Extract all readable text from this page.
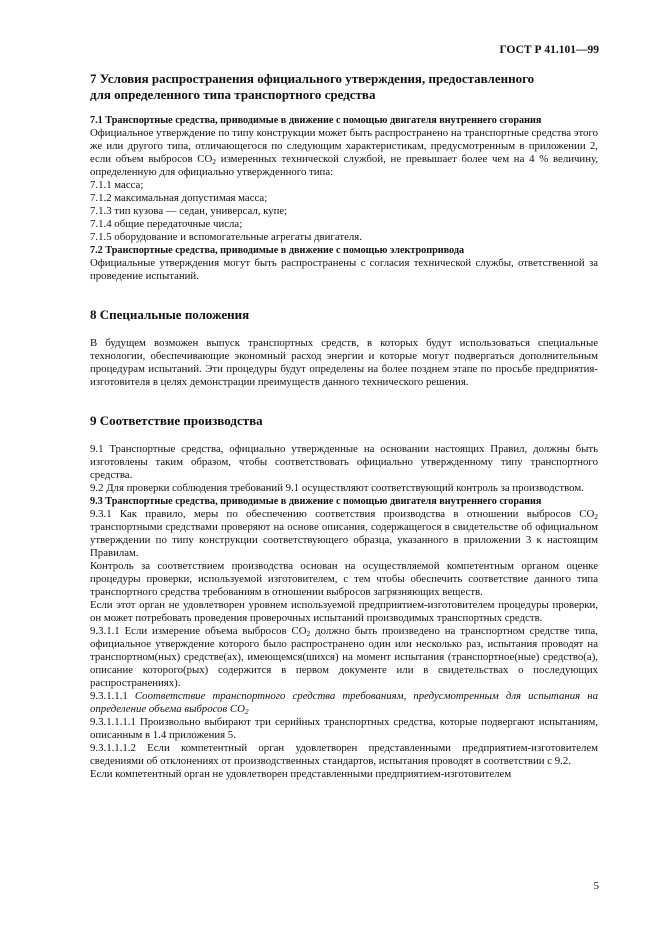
ГОСТ Р 41.101—99
7 Условия распространения официального утверждения, предоставленного
для определенного типа транспортного средства

7.1 Транспортные средства, приводимые в движение с помощью двигателя внутреннего сгорания

Официальное утверждение по типу конструкции может быть распространено на транспортные средства этого же или другого типа, отличающегося по следующим характеристикам, предусмотренным в приложении 2, если объем выбросов $CO_2$ измеренных технической службой, не превышает более чем на 4 % величину, определенную для официально утвержденного типа:

7.1.1 масса;
7.1.2 максимальная допустимая масса;
7.1.3 тип кузова — седан, универсал, купе;
7.1.4 общие передаточные числа;
7.1.5 оборудование и вспомогательные агрегаты двигателя.

7.2 Транспортные средства, приводимые в движение с помощью электропривода

Официальные утверждения могут быть распространены с согласия технической службы, ответственной за проведение испытаний.

8 Специальные положения

В будущем возможен выпуск транспортных средств, в которых будут использоваться специальные технологии, обеспечивающие экономный расход энергии и которые могут подвергаться дополнительным процедурам испытаний. Эти процедуры будут определены на более позднем этапе по просьбе предприятия-изготовителя в целях демонстрации преимуществ данного технического решения.

9 Соответствие производства

9.1 Транспортные средства, официально утвержденные на основании настоящих Правил, должны быть изготовлены таким образом, чтобы соответствовать официально утвержденному типу транспортного средства.

9.2 Для проверки соблюдения требований 9.1 осуществляют соответствующий контроль за производством.

9.3 Транспортные средства, приводимые в движение с помощью двигателя внутреннего сгорания

9.3.1 Как правило, меры по обеспечению соответствия производства в отношении выбросов $CO_2$ транспортными средствами проверяют на основе описания, содержащегося в свидетельстве об официальном утверждении по типу конструкции соответствующего образца, указанного в приложении 3 к настоящим Правилам.

Контроль за соответствием производства основан на осуществляемой компетентным органом оценке процедуры проверки, используемой изготовителем, с тем чтобы обеспечить соответствие данного типа транспортного средства требованиям в отношении выбросов загрязняющих веществ.

Если этот орган не удовлетворен уровнем используемой предприятием-изготовителем процедуры проверки, он может потребовать проведения проверочных испытаний производимых транспортных средств.

9.3.1.1 Если измерение объема выбросов $CO_2$ должно быть произведено на транспортном средстве типа, официальное утверждение которого было распространено один или несколько раз, испытания проводят на транспортном(ных) средстве(ах), имеющемся(шихся) на момент испытания (транспортное(ные) средство(а), описание которого(рых) содержится в первом документе или в свидетельствах о последующих распространениях).

9.3.1.1.1 Соответствие транспортного средства требованиям, предусмотренным для испытания на определение объема выбросов $CO_2$

9.3.1.1.1.1 Произвольно выбирают три серийных транспортных средства, которые подвергают испытаниям, описанным в 1.4 приложения 5.

9.3.1.1.1.2 Если компетентный орган удовлетворен представленными предприятием-изготовителем сведениями об отклонениях от производственных стандартов, испытания проводят в соответствии с 9.2.

Если компетентный орган не удовлетворен представленными предприятием-изготовителем

5
